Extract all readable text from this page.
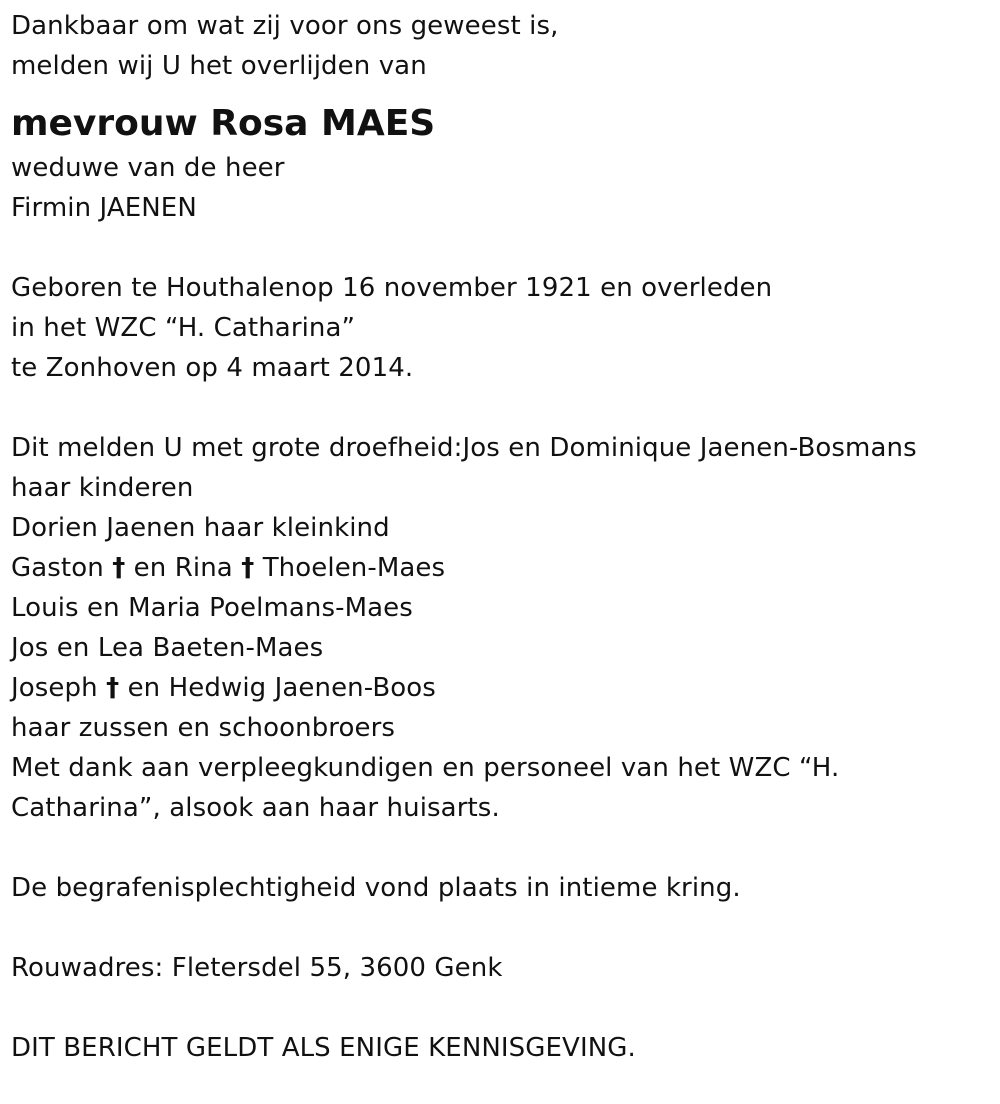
Dankbaar om wat zij voor ons geweest is,
melden wij U het overlijden van
mevrouw Rosa MAES
weduwe van de heer
Firmin JAENEN
Geboren te Houthalenop 16 november 1921 en overleden
in het WZC “H. Catharina”
te Zonhoven op 4 maart 2014.
Dit melden U met grote droefheid:Jos en Dominique Jaenen-Bosmans
haar kinderen
Dorien Jaenen haar kleinkind
Gaston † en Rina † Thoelen-Maes
Louis en Maria Poelmans-Maes
Jos en Lea Baeten-Maes
Joseph † en Hedwig Jaenen-Boos
haar zussen en schoonbroers
Met dank aan verpleegkundigen en personeel van het WZC “H.
Catharina”, alsook aan haar huisarts.
De begrafenisplechtigheid vond plaats in intieme kring.
Rouwadres: Fletersdel 55, 3600 Genk
DIT BERICHT GELDT ALS ENIGE KENNISGEVING.
